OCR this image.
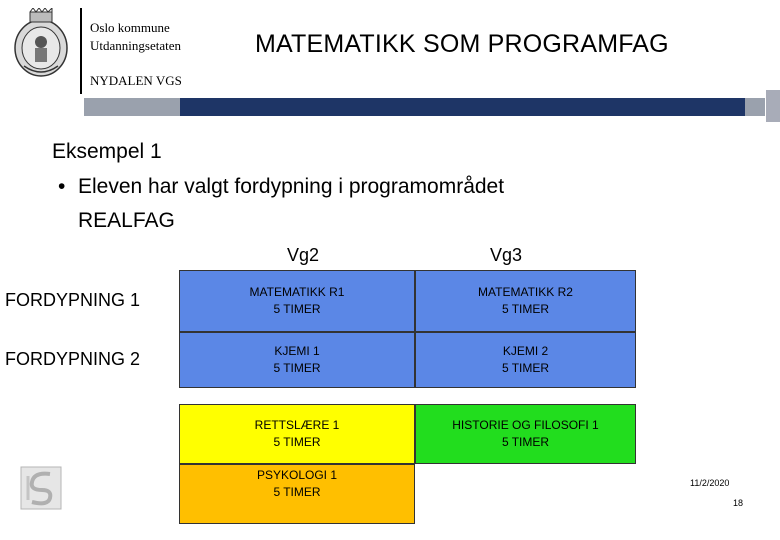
Oslo kommune
Utdanningsetaten	MATEMATIKK SOM PROGRAMFAG
NYDALEN VGS
Eksempel 1
• Eleven har valgt fordypning i programområdet
REALFAG
Vg2	Vg3
FORDYPNING 1
FORDYPNING 2
MATEMATIKK R1
5 TIMER
MATEMATIKK R2
5 TIMER
KJEMI 1
5 TIMER
KJEMI 2
5 TIMER
RETTSLÆRE 1
5 TIMER
HISTORIE OG FILOSOFI 1
5 TIMER
PSYKOLOGI 1
5 TIMER
11/2/2020
18
